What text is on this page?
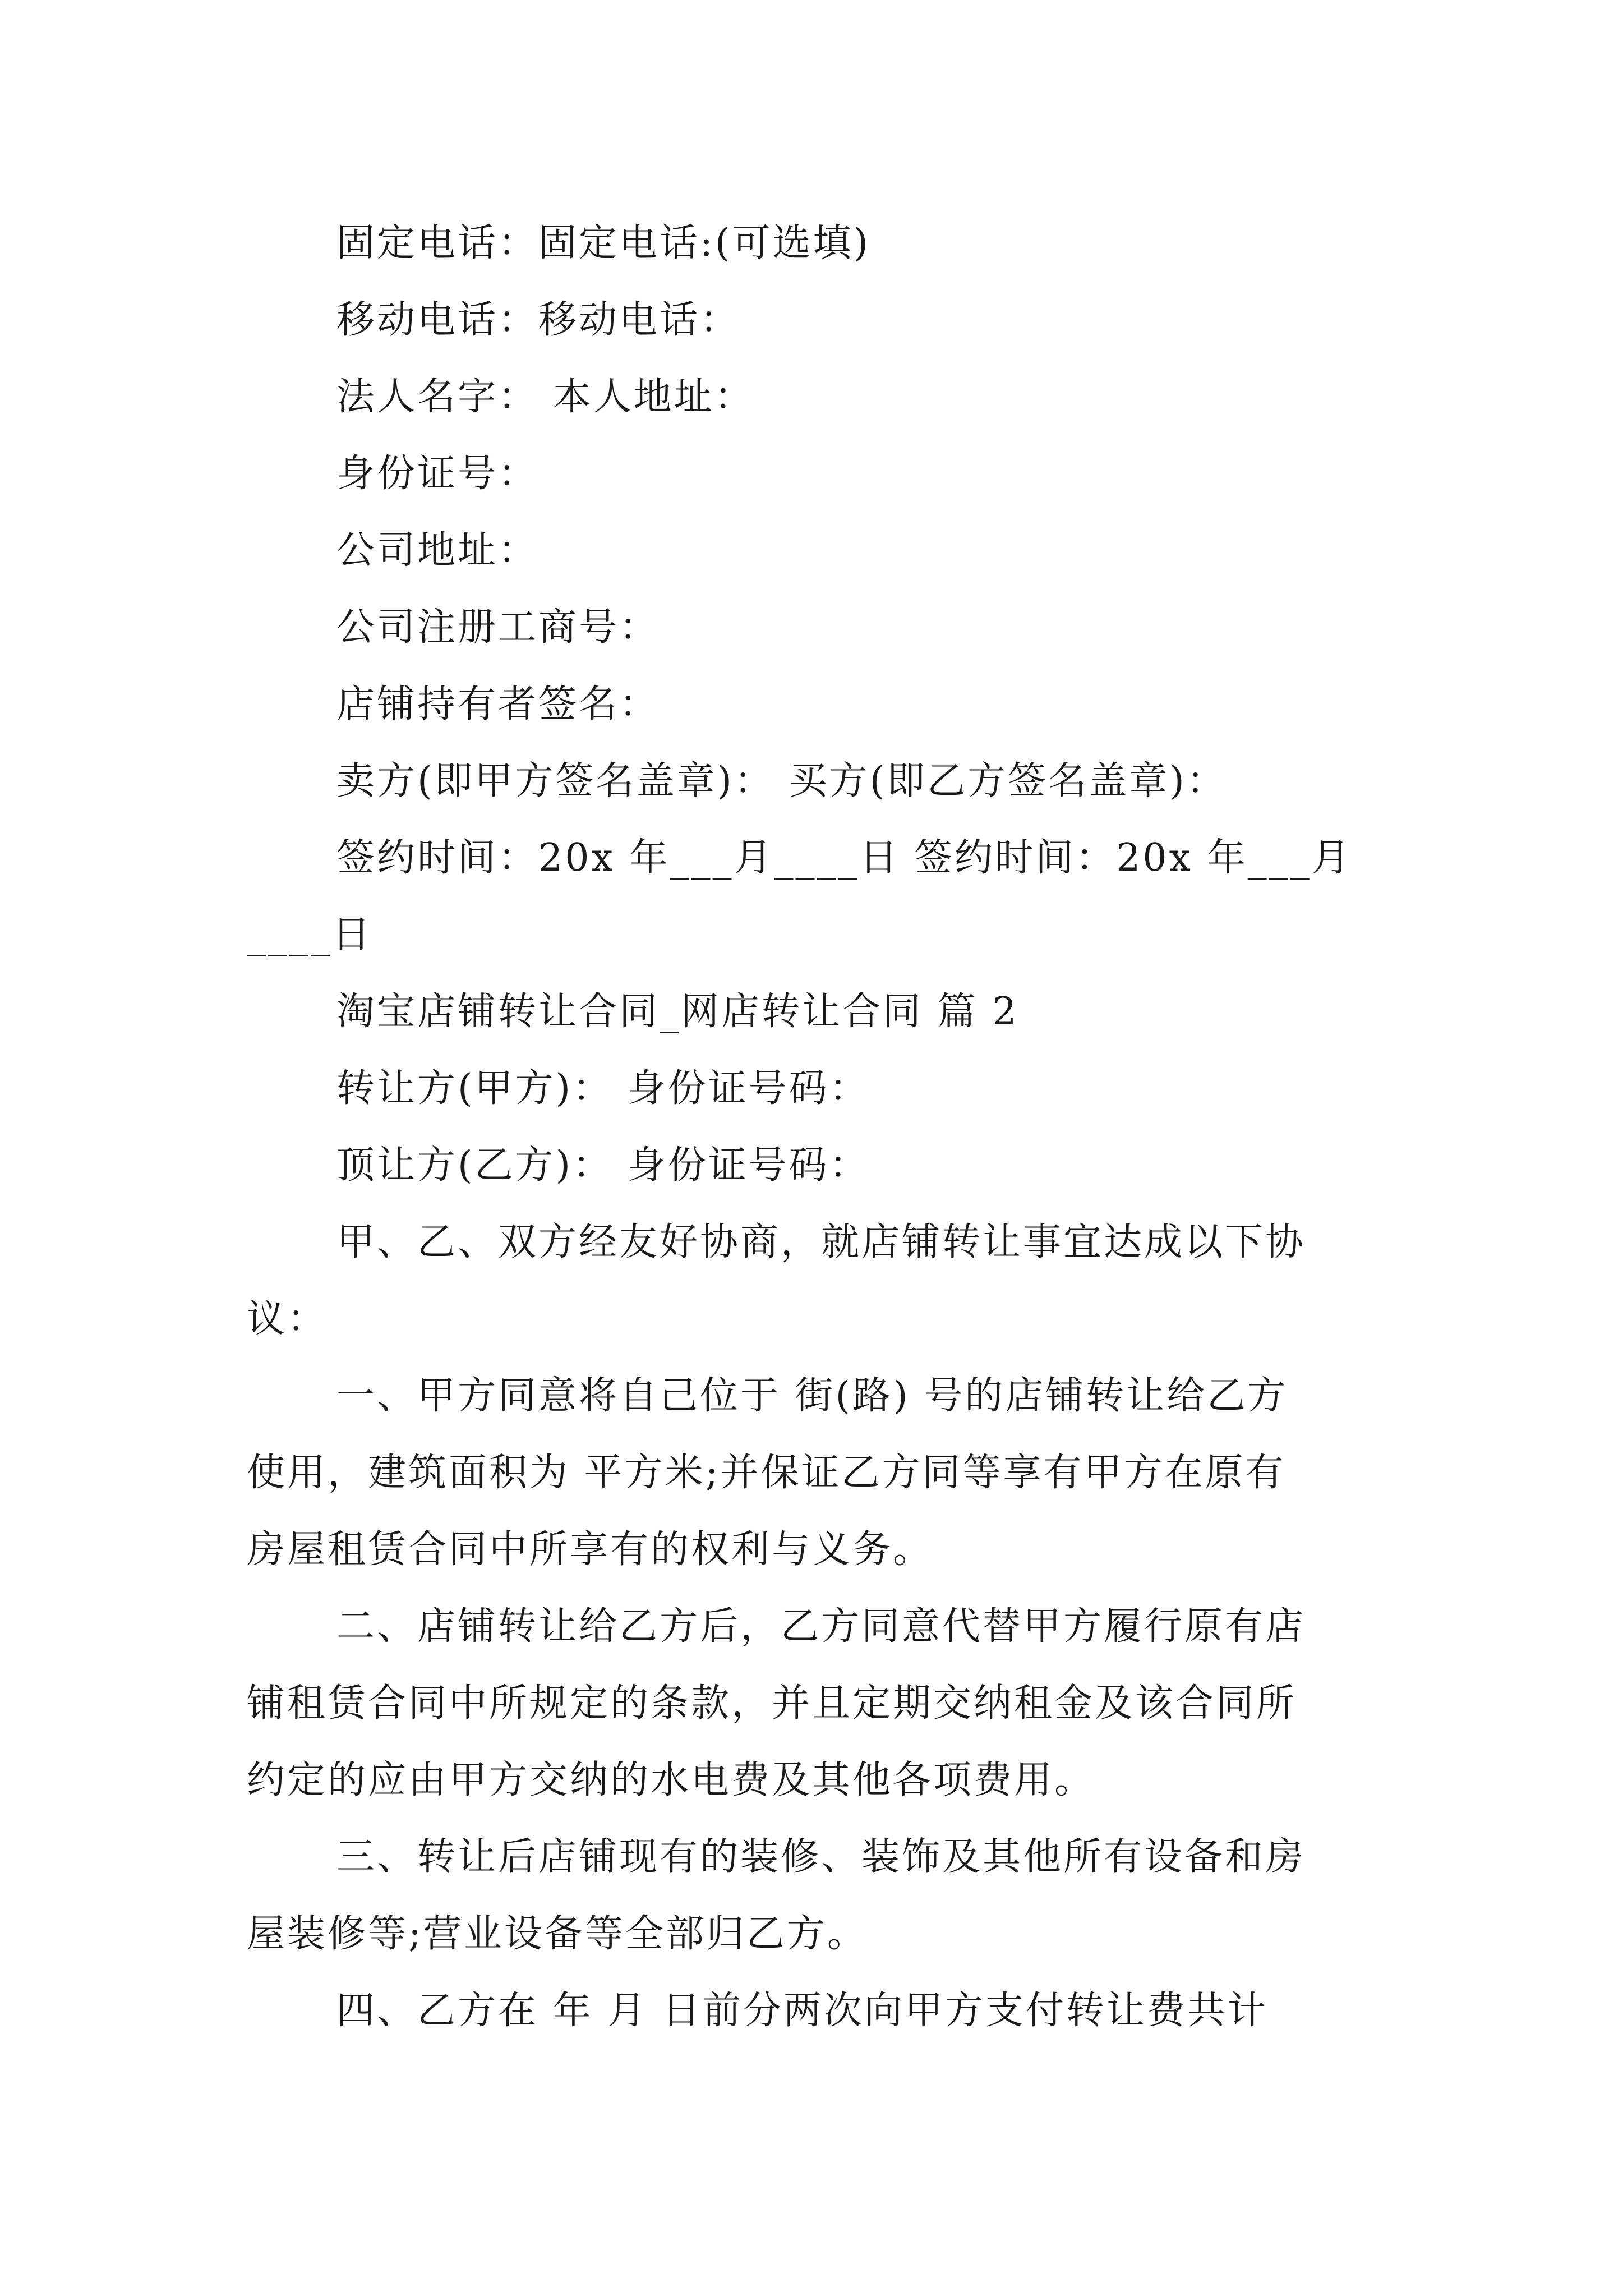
固定电话：固定电话:(可选填)
移动电话：移动电话：
法人名字： 本人地址：
身份证号：
公司地址：
公司注册工商号：
店铺持有者签名：
卖方(即甲方签名盖章)： 买方(即乙方签名盖章)：
签约时间：20x 年___月____日 签约时间：20x 年___月
____日
淘宝店铺转让合同_网店转让合同 篇 2
转让方(甲方)： 身份证号码：
顶让方(乙方)： 身份证号码：
甲、乙、双方经友好协商，就店铺转让事宜达成以下协
议：
一、甲方同意将自己位于 街(路) 号的店铺转让给乙方
使用，建筑面积为 平方米;并保证乙方同等享有甲方在原有
房屋租赁合同中所享有的权利与义务。
二、店铺转让给乙方后，乙方同意代替甲方履行原有店
铺租赁合同中所规定的条款，并且定期交纳租金及该合同所
约定的应由甲方交纳的水电费及其他各项费用。
三、转让后店铺现有的装修、装饰及其他所有设备和房
屋装修等;营业设备等全部归乙方。
四、乙方在 年 月 日前分两次向甲方支付转让费共计
